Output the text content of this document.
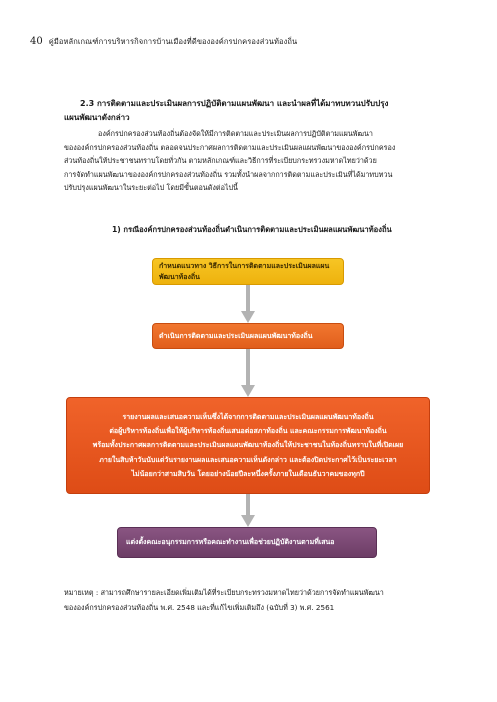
40 คู่มือหลักเกณฑ์การบริหารกิจการบ้านเมืองที่ดีขององค์กรปกครองส่วนท้องถิ่น
2.3 การติดตามและประเมินผลการปฏิบัติตามแผนพัฒนา และนำผลที่ได้มาทบทวนปรับปรุง
แผนพัฒนาดังกล่าว
องค์กรปกครองส่วนท้องถิ่นต้องจัดให้มีการติดตามและประเมินผลการปฏิบัติตามแผนพัฒนา
ขององค์กรปกครองส่วนท้องถิ่น ตลอดจนประกาศผลการติดตามและประเมินผลแผนพัฒนาขององค์กรปกครอง
ส่วนท้องถิ่นให้ประชาชนทราบโดยทั่วกัน ตามหลักเกณฑ์และวิธีการที่ระเบียบกระทรวงมหาดไทยว่าด้วย
การจัดทำแผนพัฒนาขององค์กรปกครองส่วนท้องถิ่น รวมทั้งนำผลจากการติดตามและประเมินที่ได้มาทบทวน
ปรับปรุงแผนพัฒนาในระยะต่อไป โดยมีขั้นตอนดังต่อไปนี้
1) กรณีองค์กรปกครองส่วนท้องถิ่นดำเนินการติดตามและประเมินผลแผนพัฒนาท้องถิ่น
กำหนดแนวทาง วิธีการในการติดตามและประเมินผลแผนพัฒนาท้องถิ่น
ดำเนินการติดตามและประเมินผลแผนพัฒนาท้องถิ่น
รายงานผลและเสนอความเห็นซึ่งได้จากการติดตามและประเมินผลแผนพัฒนาท้องถิ่น
ต่อผู้บริหารท้องถิ่นเพื่อให้ผู้บริหารท้องถิ่นเสนอต่อสภาท้องถิ่น และคณะกรรมการพัฒนาท้องถิ่น
พร้อมทั้งประกาศผลการติดตามและประเมินผลแผนพัฒนาท้องถิ่นให้ประชาชนในท้องถิ่นทราบในที่เปิดเผย
ภายในสิบห้าวันนับแต่วันรายงานผลและเสนอความเห็นดังกล่าว และต้องปิดประกาศไว้เป็นระยะเวลา
ไม่น้อยกว่าสามสิบวัน โดยอย่างน้อยปีละหนึ่งครั้งภายในเดือนธันวาคมของทุกปี
แต่งตั้งคณะอนุกรรมการหรือคณะทำงานเพื่อช่วยปฏิบัติงานตามที่เสนอ
หมายเหตุ : สามารถศึกษารายละเอียดเพิ่มเติมได้ที่ระเบียบกระทรวงมหาดไทยว่าด้วยการจัดทำแผนพัฒนา
ขององค์กรปกครองส่วนท้องถิ่น พ.ศ. 2548 และที่แก้ไขเพิ่มเติมถึง (ฉบับที่ 3) พ.ศ. 2561
